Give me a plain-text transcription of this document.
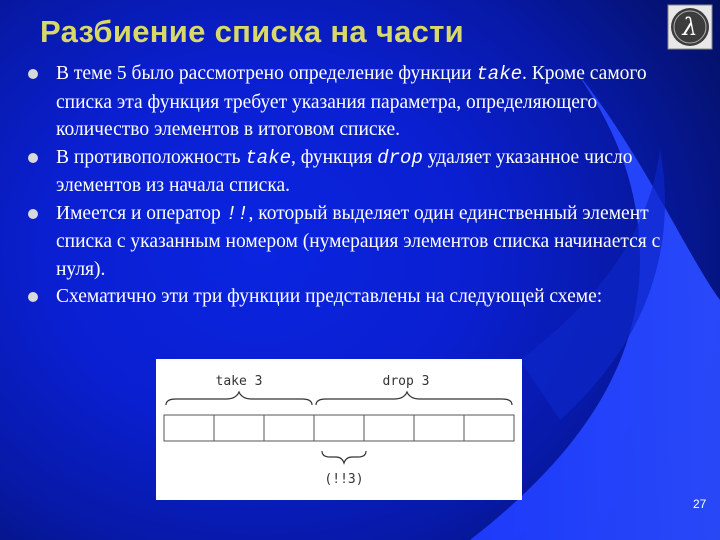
Разбиение списка на части	λ
В теме 5 было рассмотрено определение функции take. Кроме самого списка эта функция требует указания параметра, определяющего количество элементов в итоговом списке.
В противоположность take, функция drop удаляет указанное число элементов из начала списка.
Имеется и оператор !!, который выделяет один единственный элемент списка с указанным номером (нумерация элементов списка начинается с нуля).
Схематично эти три функции представлены на следующей схеме:
take 3	drop 3
(!!3)
27
